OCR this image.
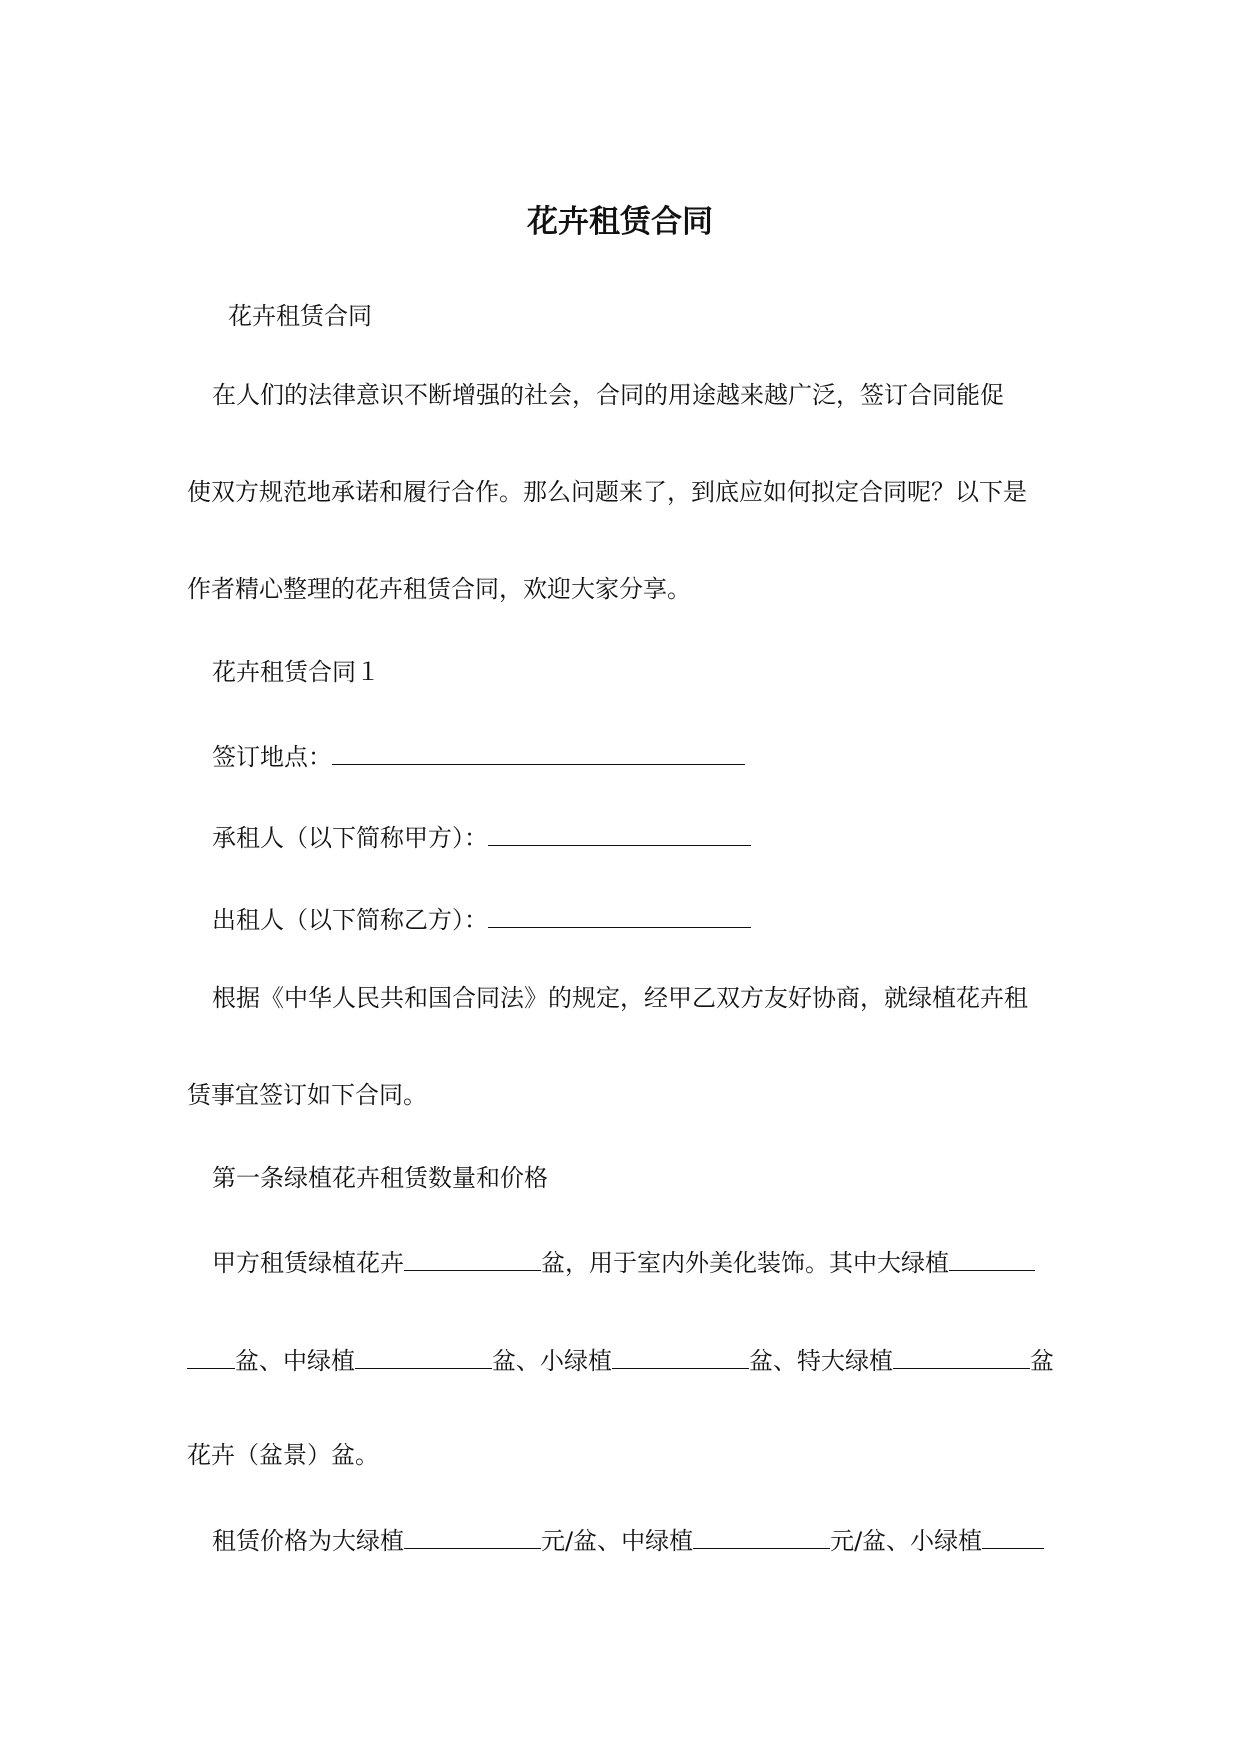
花卉租赁合同
花卉租赁合同
在人们的法律意识不断增强的社会，合同的用途越来越广泛，签订合同能促
使双方规范地承诺和履行合作。那么问题来了，到底应如何拟定合同呢？以下是
作者精心整理的花卉租赁合同，欢迎大家分享。
花卉租赁合同１
签订地点：
承租人（以下简称甲方）：
出租人（以下简称乙方）：
根据《中华人民共和国合同法》的规定，经甲乙双方友好协商，就绿植花卉租
赁事宜签订如下合同。
第一条绿植花卉租赁数量和价格
甲方租赁绿植花卉	盆，用于室内外美化装饰。其中大绿植
盆、中绿植	盆、小绿植	盆、特大绿植	盆
花卉（盆景）盆。
租赁价格为大绿植	元/盆、中绿植	元/盆、小绿植
